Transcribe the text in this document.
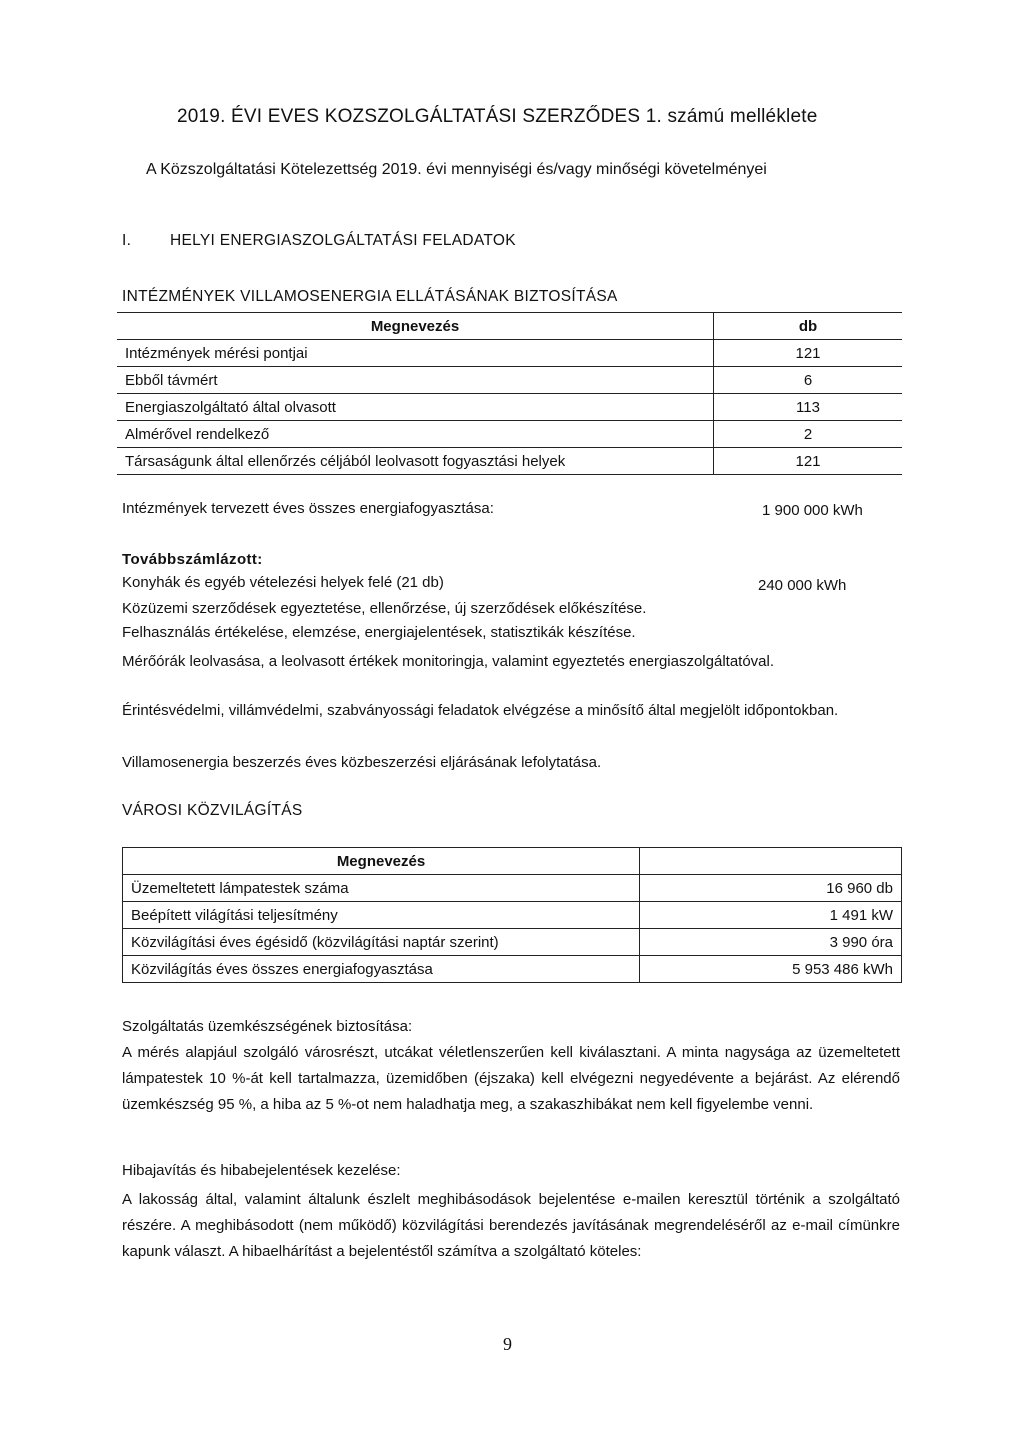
2019. ÉVI EVES KOZSZOLGÁLTATÁSI SZERZŐDES 1. számú melléklete
A Közszolgáltatási Kötelezettség 2019. évi mennyiségi és/vagy minőségi követelményei
I.	HELYI ENERGIASZOLGÁLTATÁSI FELADATOK
INTÉZMÉNYEK VILLAMOSENERGIA ELLÁTÁSÁNAK BIZTOSÍTÁSA
Megnevezés	db
Intézmények mérési pontjai	121
Ebből távmért	6
Energiaszolgáltató által olvasott	113
Almérővel rendelkező	2
Társaságunk által ellenőrzés céljából leolvasott fogyasztási helyek	121
Intézmények tervezett éves összes energiafogyasztása:	1 900 000 kWh
Továbbszámlázott:
Konyhák és egyéb vételezési helyek felé (21 db)	240 000 kWh
Közüzemi szerződések egyeztetése, ellenőrzése, új szerződések előkészítése.
Felhasználás értékelése, elemzése, energiajelentések, statisztikák készítése.
Mérőórák leolvasása, a leolvasott értékek monitoringja, valamint egyeztetés energiaszolgáltatóval.
Érintésvédelmi, villámvédelmi, szabványossági feladatok elvégzése a minősítő által megjelölt időpontokban.
Villamosenergia beszerzés éves közbeszerzési eljárásának lefolytatása.
VÁROSI KÖZVILÁGÍTÁS
Megnevezés	
Üzemeltetett lámpatestek száma	16 960 db
Beépített világítási teljesítmény	1 491 kW
Közvilágítási éves égésidő (közvilágítási naptár szerint)	3 990 óra
Közvilágítás éves összes energiafogyasztása	5 953 486 kWh
Szolgáltatás üzemkészségének biztosítása:
A mérés alapjául szolgáló városrészt, utcákat véletlenszerűen kell kiválasztani. A minta nagysága az üzemeltetett lámpatestek 10 %-át kell tartalmazza, üzemidőben (éjszaka) kell elvégezni negyedévente a bejárást. Az elérendő üzemkészség 95 %, a hiba az 5 %-ot nem haladhatja meg, a szakaszhibákat nem kell figyelembe venni.
Hibajavítás és hibabejelentések kezelése:
A lakosság által, valamint általunk észlelt meghibásodások bejelentése e-mailen keresztül történik a szolgáltató részére. A meghibásodott (nem működő) közvilágítási berendezés javításának megrendeléséről az e-mail címünkre kapunk választ. A hibaelhárítást a bejelentéstől számítva a szolgáltató köteles:
9
